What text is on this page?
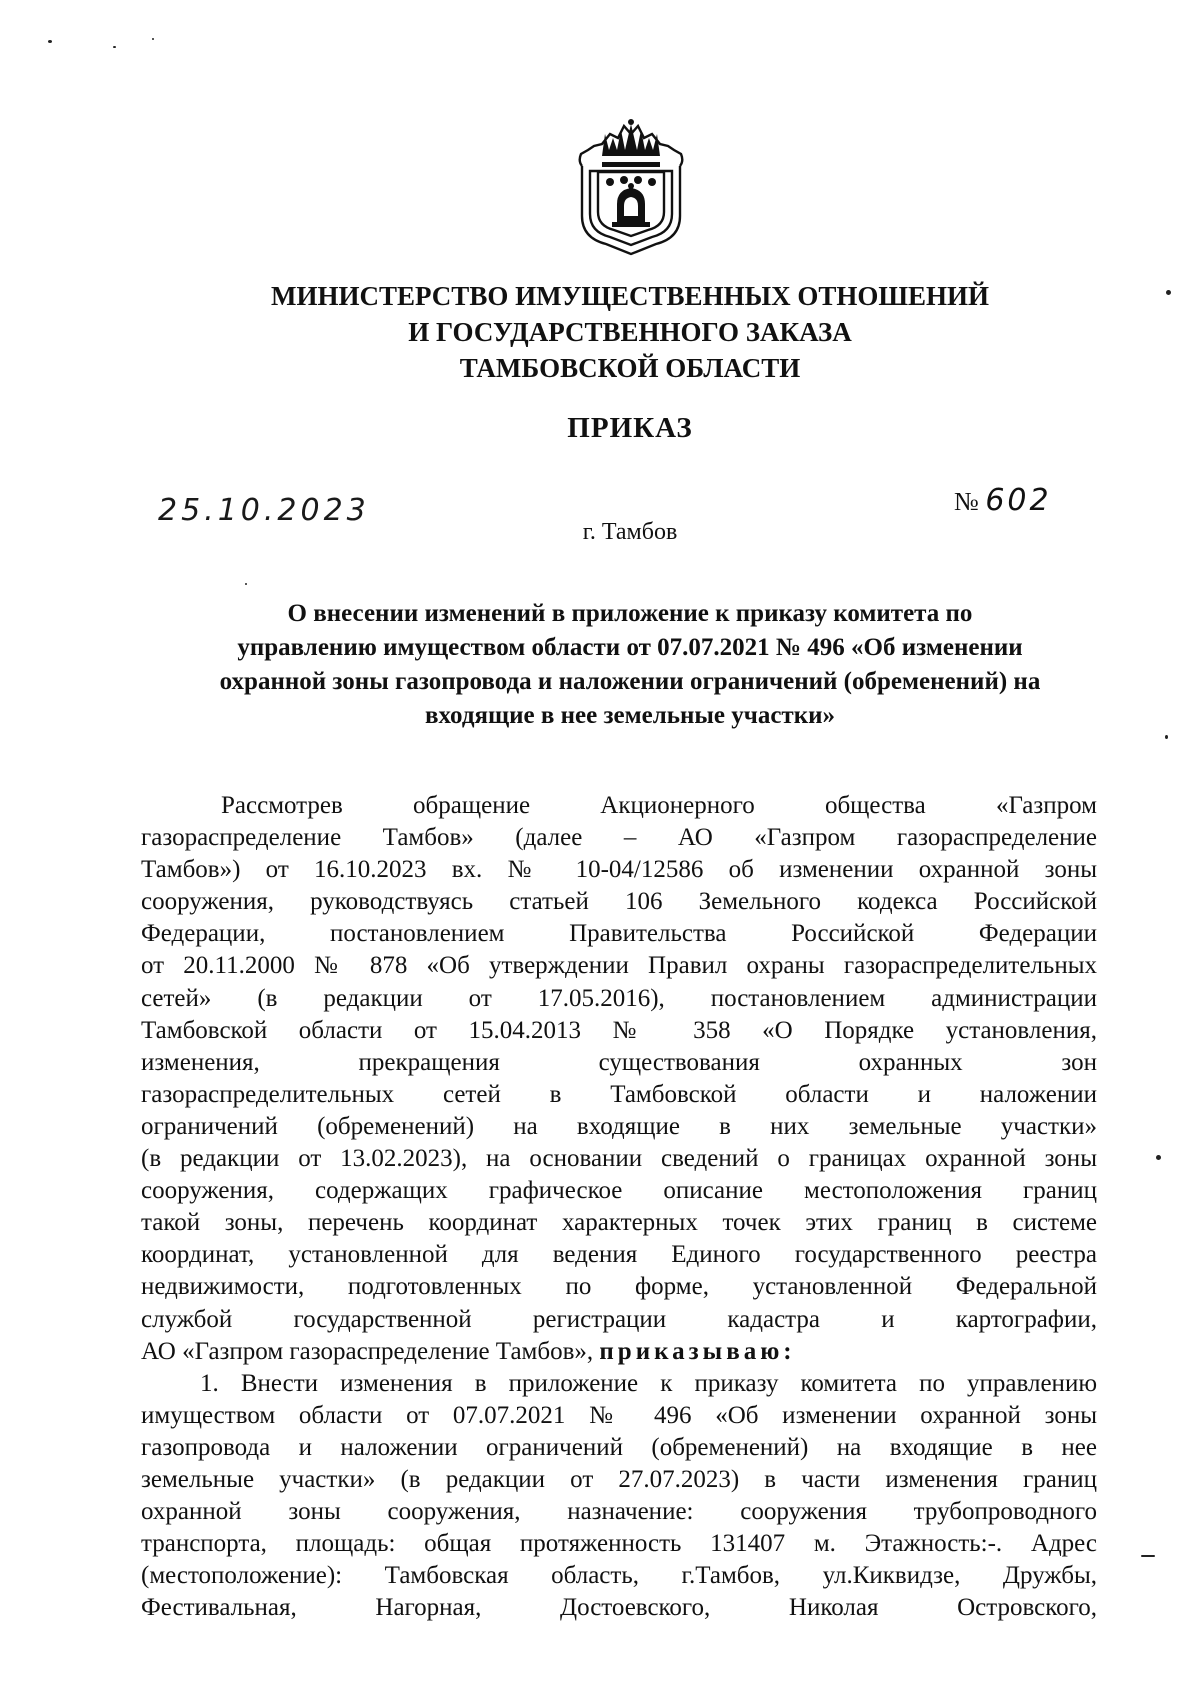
МИНИСТЕРСТВО ИМУЩЕСТВЕННЫХ ОТНОШЕНИЙ
И ГОСУДАРСТВЕННОГО ЗАКАЗА
ТАМБОВСКОЙ ОБЛАСТИ
ПРИКАЗ
25.10.2023	№ 602
г. Тамбов
О внесении изменений в приложение к приказу комитета по
управлению имуществом области от 07.07.2021 № 496 «Об изменении
охранной зоны газопровода и наложении ограничений (обременений) на
входящие в нее земельные участки»
Рассмотрев обращение Акционерного общества «Газпром
газораспределение Тамбов» (далее – АО «Газпром газораспределение
Тамбов») от 16.10.2023 вх. № 10-04/12586 об изменении охранной зоны
сооружения, руководствуясь статьей 106 Земельного кодекса Российской
Федерации, постановлением Правительства Российской Федерации
от 20.11.2000 № 878 «Об утверждении Правил охраны газораспределительных
сетей» (в редакции от 17.05.2016), постановлением администрации
Тамбовской области от 15.04.2013 № 358 «О Порядке установления,
изменения, прекращения существования охранных зон
газораспределительных сетей в Тамбовской области и наложении
ограничений (обременений) на входящие в них земельные участки»
(в редакции от 13.02.2023), на основании сведений о границах охранной зоны
сооружения, содержащих графическое описание местоположения границ
такой зоны, перечень координат характерных точек этих границ в системе
координат, установленной для ведения Единого государственного реестра
недвижимости, подготовленных по форме, установленной Федеральной
службой государственной регистрации кадастра и картографии,
АО «Газпром газораспределение Тамбов», приказываю:
1. Внести изменения в приложение к приказу комитета по управлению
имуществом области от 07.07.2021 № 496 «Об изменении охранной зоны
газопровода и наложении ограничений (обременений) на входящие в нее
земельные участки» (в редакции от 27.07.2023) в части изменения границ
охранной зоны сооружения, назначение: сооружения трубопроводного
транспорта, площадь: общая протяженность 131407 м. Этажность:-. Адрес
(местоположение): Тамбовская область, г.Тамбов, ул.Киквидзе, Дружбы,
Фестивальная, Нагорная, Достоевского, Николая Островского,
